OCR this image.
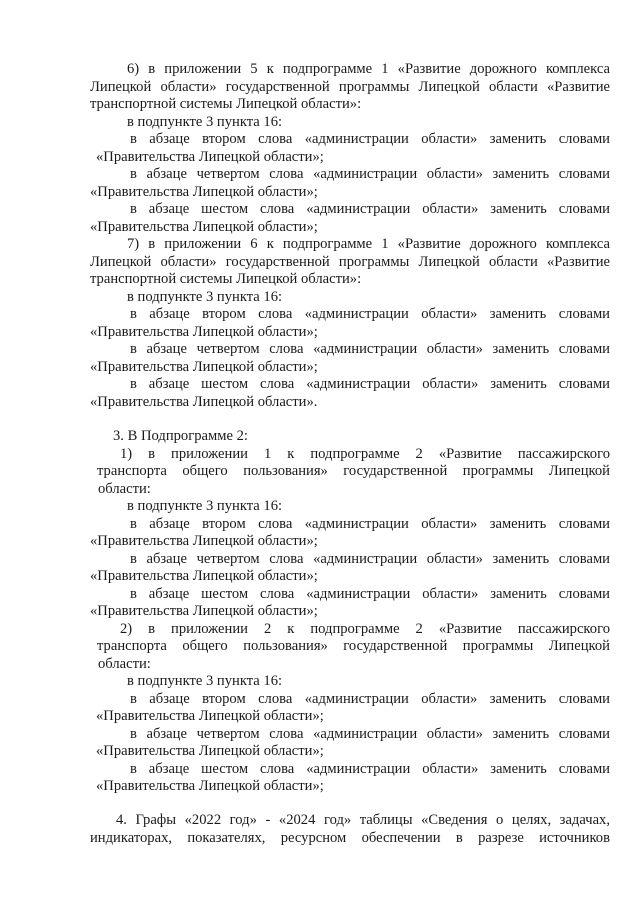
6) в приложении 5 к подпрограмме 1 «Развитие дорожного комплекса
Липецкой области» государственной программы Липецкой области «Развитие
транспортной системы Липецкой области»:
в подпункте 3 пункта 16:
в абзаце втором слова «администрации области» заменить словами
«Правительства Липецкой области»;
в абзаце четвертом слова «администрации области» заменить словами
«Правительства Липецкой области»;
в абзаце шестом слова «администрации области» заменить словами
«Правительства Липецкой области»;
7) в приложении 6 к подпрограмме 1 «Развитие дорожного комплекса
Липецкой области» государственной программы Липецкой области «Развитие
транспортной системы Липецкой области»:
в подпункте 3 пункта 16:
в абзаце втором слова «администрации области» заменить словами
«Правительства Липецкой области»;
в абзаце четвертом слова «администрации области» заменить словами
«Правительства Липецкой области»;
в абзаце шестом слова «администрации области» заменить словами
«Правительства Липецкой области».
3. В Подпрограмме 2:
1) в приложении 1 к подпрограмме 2 «Развитие пассажирского
транспорта общего пользования» государственной программы Липецкой
области:
в подпункте 3 пункта 16:
в абзаце втором слова «администрации области» заменить словами
«Правительства Липецкой области»;
в абзаце четвертом слова «администрации области» заменить словами
«Правительства Липецкой области»;
в абзаце шестом слова «администрации области» заменить словами
«Правительства Липецкой области»;
2) в приложении 2 к подпрограмме 2 «Развитие пассажирского
транспорта общего пользования» государственной программы Липецкой
области:
в подпункте 3 пункта 16:
в абзаце втором слова «администрации области» заменить словами
«Правительства Липецкой области»;
в абзаце четвертом слова «администрации области» заменить словами
«Правительства Липецкой области»;
в абзаце шестом слова «администрации области» заменить словами
«Правительства Липецкой области»;
4. Графы «2022 год» - «2024 год» таблицы «Сведения о целях, задачах,
индикаторах, показателях, ресурсном обеспечении в разрезе источников
